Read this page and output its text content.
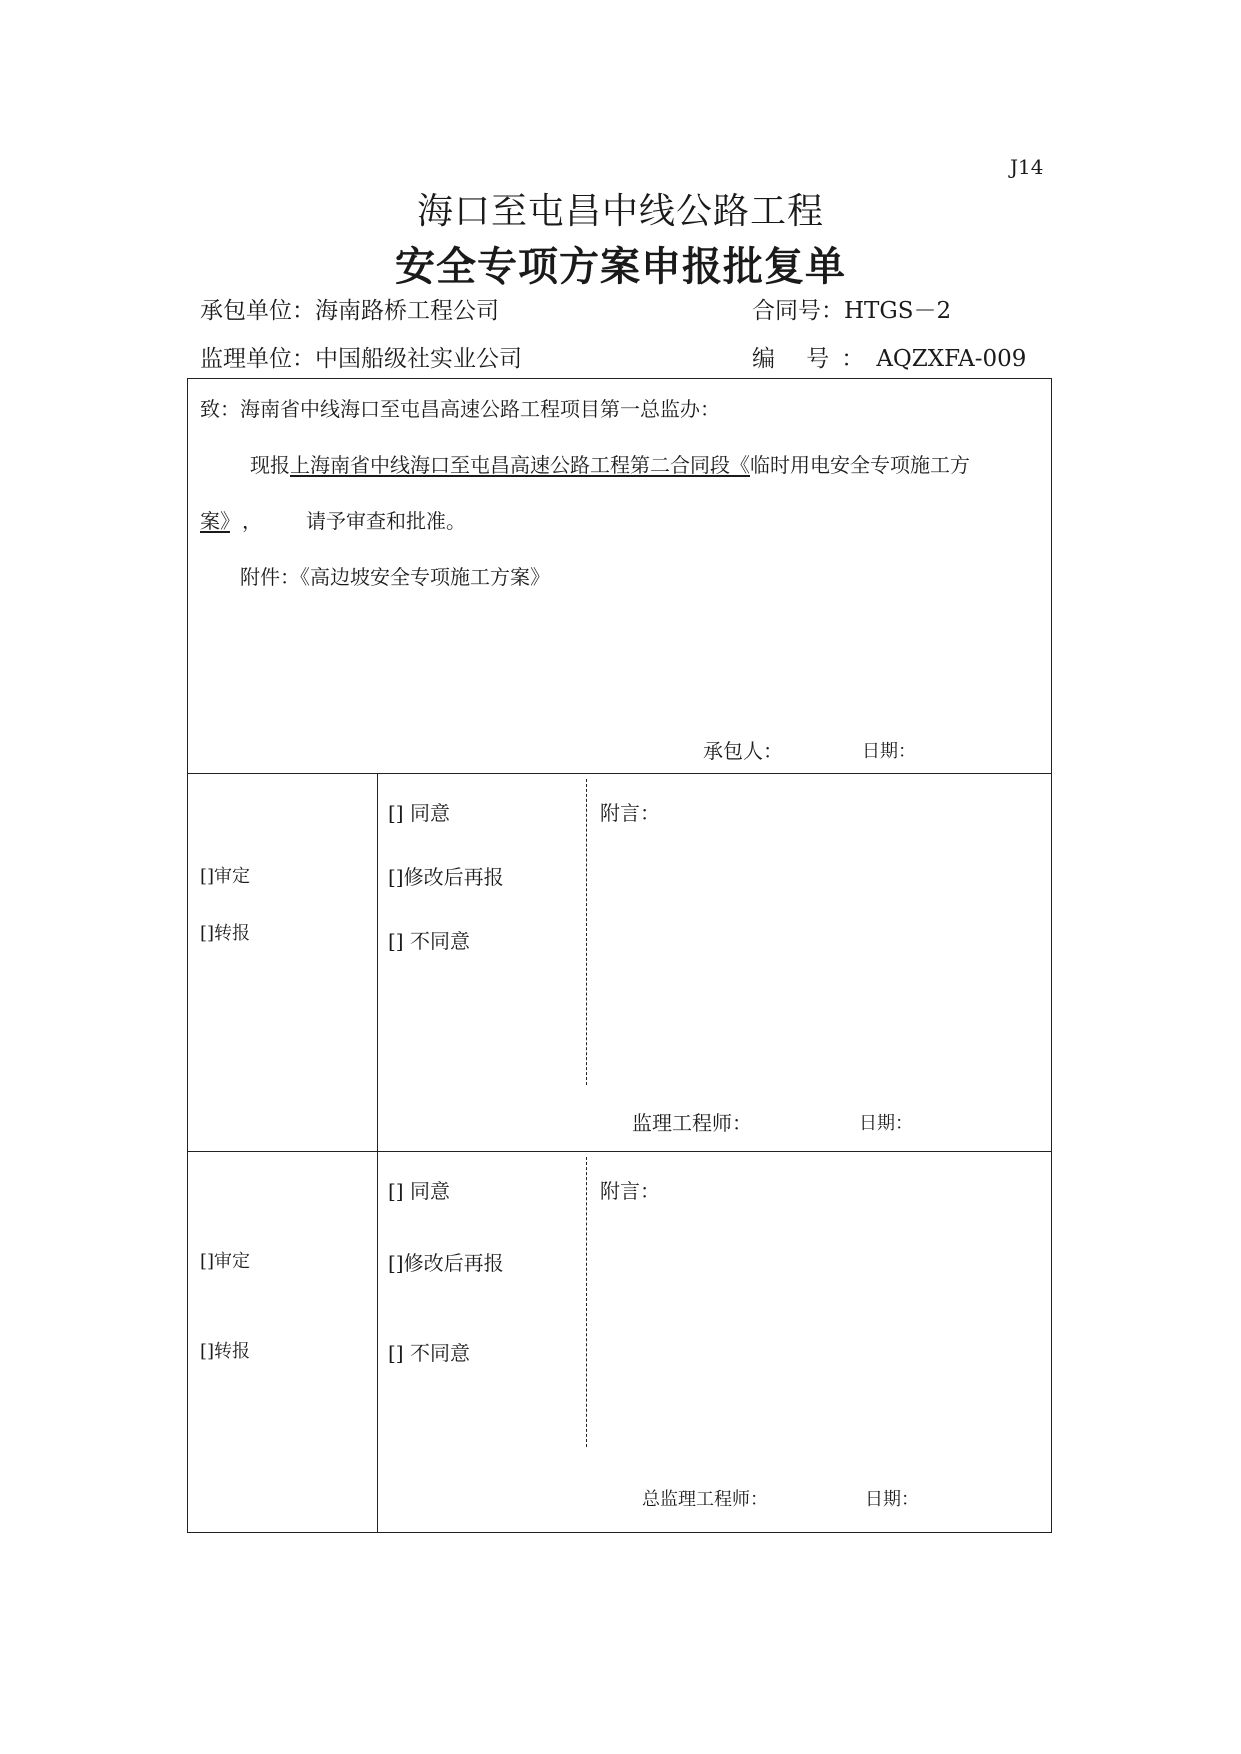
J14
海口至屯昌中线公路工程
安全专项方案申报批复单
承包单位：海南路桥工程公司	合同号：HTGS－2
监理单位：中国船级社实业公司	编 号：AQZXFA-009
致：海南省中线海口至屯昌高速公路工程项目第一总监办：
现报上海南省中线海口至屯昌高速公路工程第二合同段《临时用电安全专项施工方
案》 ， 请予审查和批准。
附件：《高边坡安全专项施工方案》
承包人：	日期：
[]审定
[]转报
[] 同意
[]修改后再报
[] 不同意
附言：
监理工程师：	日期：
[]审定
[]转报
[] 同意
[]修改后再报
[] 不同意
附言：
总监理工程师：	日期：
